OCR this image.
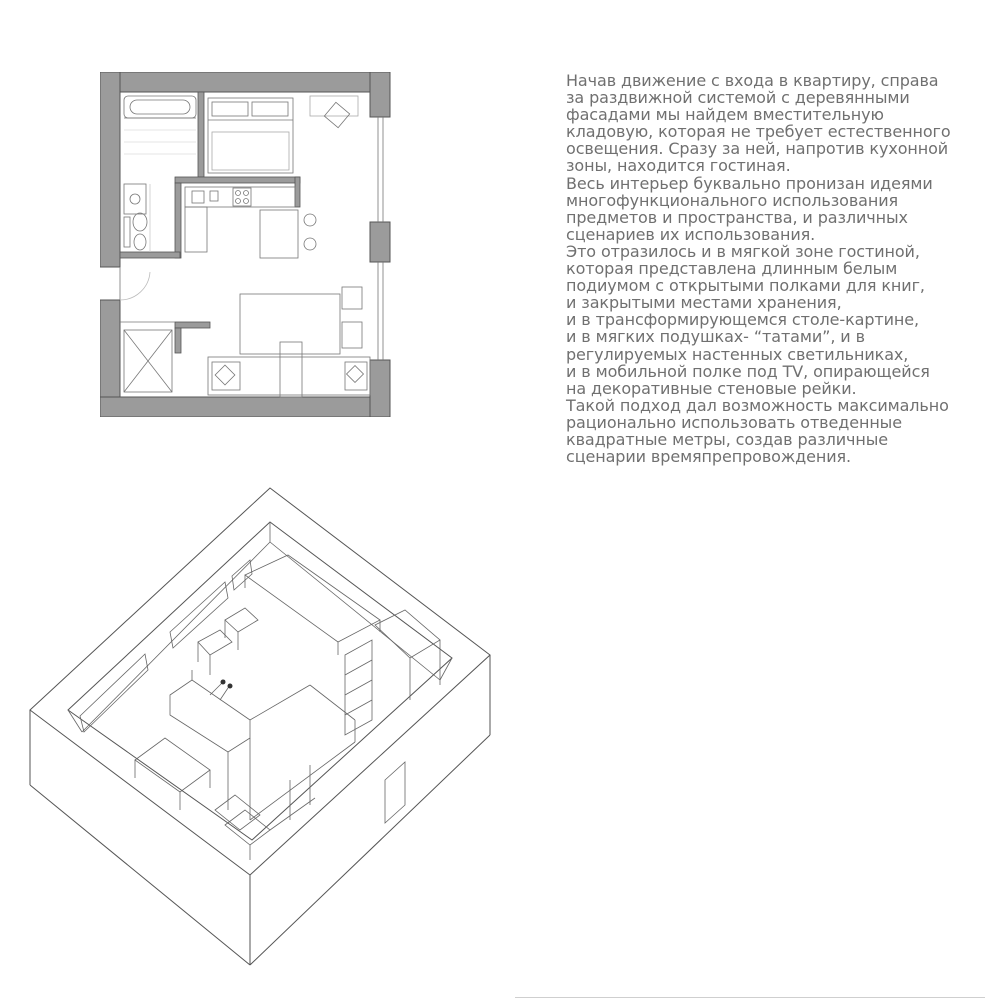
Начав движение с входа в квартиру, справа
за раздвижной системой с деревянными
фасадами мы найдем вместительную
кладовую, которая не требует естественного
освещения. Сразу за ней, напротив кухонной
зоны, находится гостиная.
Весь интерьер буквально пронизан идеями
многофункционального использования
предметов и пространства, и различных
сценариев их использования.
Это отразилось и в мягкой зоне гостиной,
которая представлена длинным белым
подиумом с открытыми полками для книг,
и закрытыми местами хранения,
и в трансформирующемся столе-картине,
и в мягких подушках- “татами”, и в
регулируемых настенных светильниках,
и в мобильной полке под TV, опирающейся
на декоративные стеновые рейки.
Такой подход дал возможность максимально
рационально использовать отведенные
квадратные метры, создав различные
сценарии времяпрепровождения.
